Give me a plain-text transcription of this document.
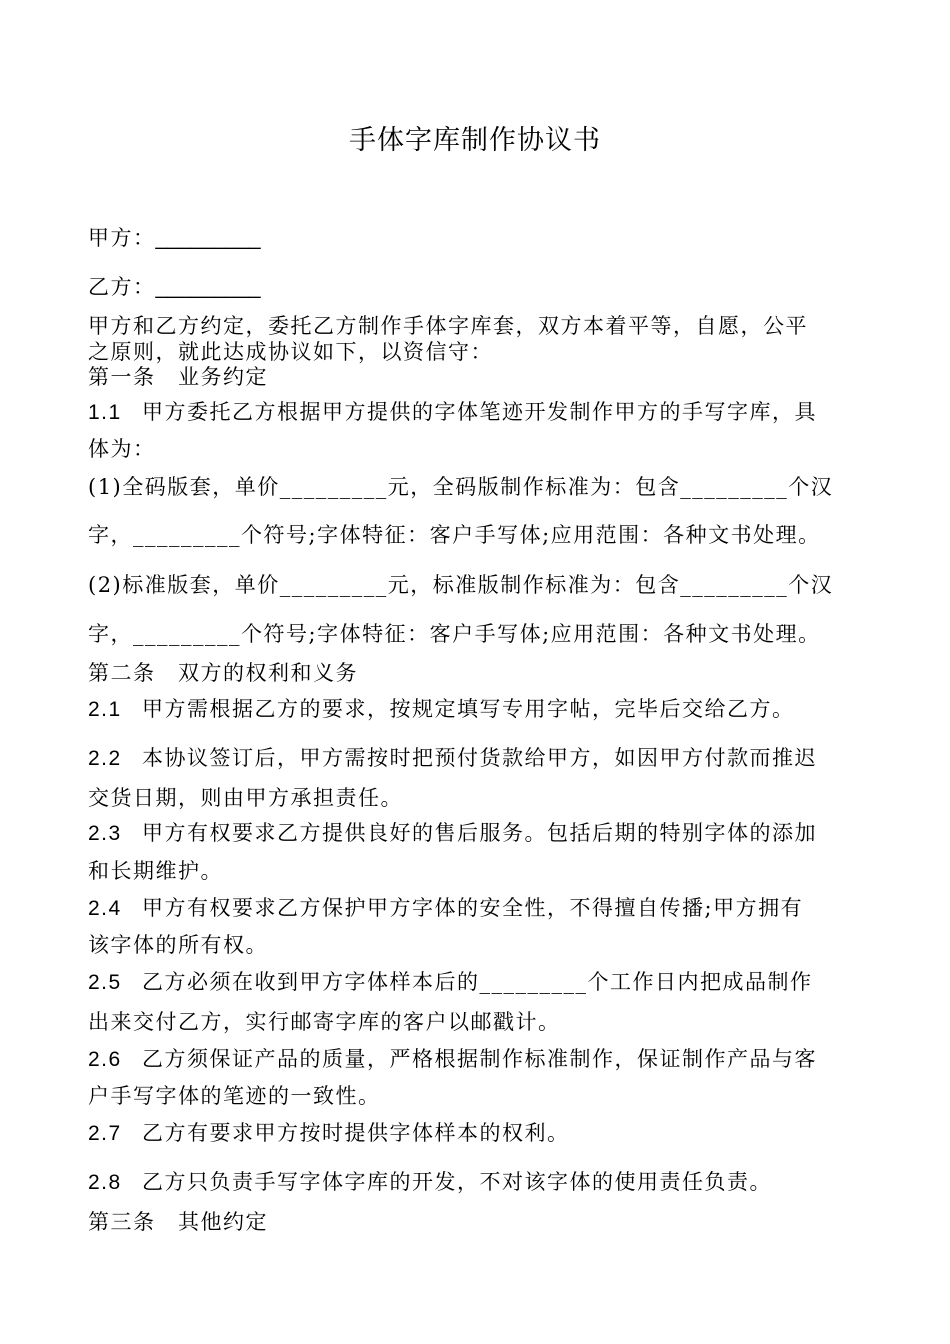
手体字库制作协议书
甲方：_________
乙方：_________
甲方和乙方约定，委托乙方制作手体字库套，双方本着平等，自愿，公平
之原则，就此达成协议如下，以资信守：
第一条　业务约定
1.1 甲方委托乙方根据甲方提供的字体笔迹开发制作甲方的手写字库，具
体为：
(1)全码版套，单价_________元，全码版制作标准为：包含_________个汉
字，_________个符号;字体特征：客户手写体;应用范围：各种文书处理。
(2)标准版套，单价_________元，标准版制作标准为：包含_________个汉
字，_________个符号;字体特征：客户手写体;应用范围：各种文书处理。
第二条　双方的权利和义务
2.1 甲方需根据乙方的要求，按规定填写专用字帖，完毕后交给乙方。
2.2 本协议签订后，甲方需按时把预付货款给甲方，如因甲方付款而推迟
交货日期，则由甲方承担责任。
2.3 甲方有权要求乙方提供良好的售后服务。包括后期的特别字体的添加
和长期维护。
2.4 甲方有权要求乙方保护甲方字体的安全性，不得擅自传播;甲方拥有
该字体的所有权。
2.5 乙方必须在收到甲方字体样本后的_________个工作日内把成品制作
出来交付乙方，实行邮寄字库的客户以邮戳计。
2.6 乙方须保证产品的质量，严格根据制作标准制作，保证制作产品与客
户手写字体的笔迹的一致性。
2.7 乙方有要求甲方按时提供字体样本的权利。
2.8 乙方只负责手写字体字库的开发，不对该字体的使用责任负责。
第三条　其他约定
